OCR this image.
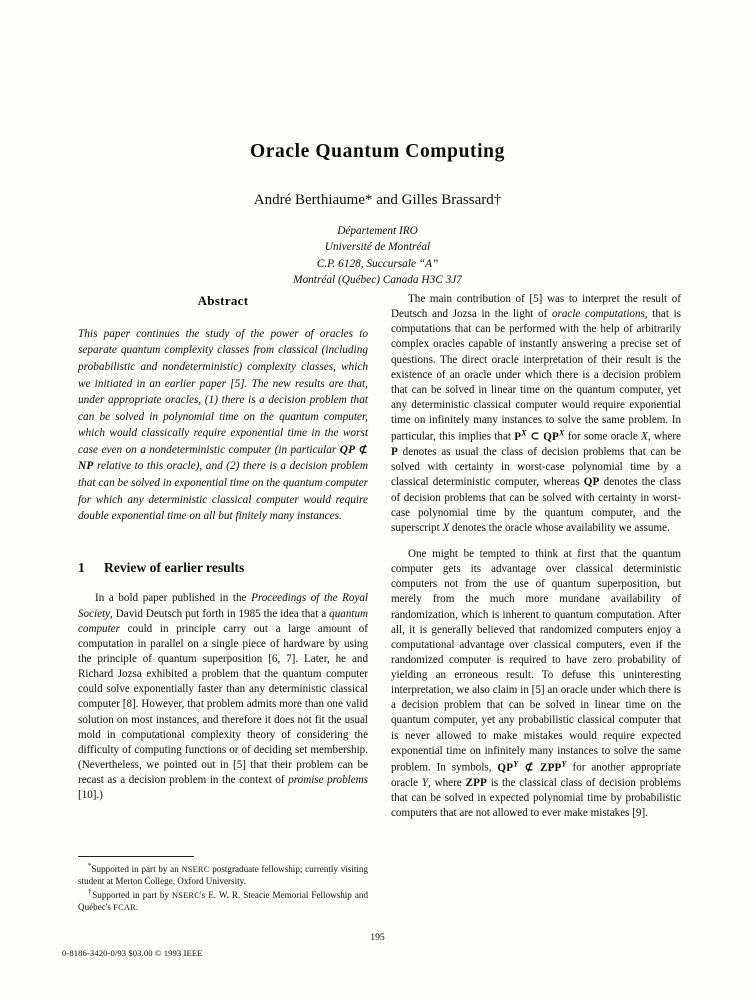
Oracle Quantum Computing
André Berthiaume* and Gilles Brassard†
Département IRO
Université de Montréal
C.P. 6128, Succursale “A”
Montréal (Québec) Canada H3C 3J7
Abstract

This paper continues the study of the power of oracles to separate quantum complexity classes from classical (including probabilistic and nondeterministic) complexity classes, which we initiated in an earlier paper [5]. The new results are that, under appropriate oracles, (1) there is a decision problem that can be solved in polynomial time on the quantum computer, which would classically require exponential time in the worst case even on a nondeterministic computer (in particular QP ⊄ NP relative to this oracle), and (2) there is a decision problem that can be solved in exponential time on the quantum computer for which any deterministic classical computer would require double exponential time on all but finitely many instances.

1 Review of earlier results

In a bold paper published in the Proceedings of the Royal Society, David Deutsch put forth in 1985 the idea that a quantum computer could in principle carry out a large amount of computation in parallel on a single piece of hardware by using the principle of quantum superposition [6, 7]. Later, he and Richard Jozsa exhibited a problem that the quantum computer could solve exponentially faster than any deterministic classical computer [8]. However, that problem admits more than one valid solution on most instances, and therefore it does not fit the usual mold in computational complexity theory of considering the difficulty of computing functions or of deciding set membership. (Nevertheless, we pointed out in [5] that their problem can be recast as a decision problem in the context of promise problems [10].)

The main contribution of [5] was to interpret the result of Deutsch and Jozsa in the light of oracle computations, that is computations that can be performed with the help of arbitrarily complex oracles capable of instantly answering a precise set of questions. The direct oracle interpretation of their result is the existence of an oracle under which there is a decision problem that can be solved in linear time on the quantum computer, yet any deterministic classical computer would require exponential time on infinitely many instances to solve the same problem. In particular, this implies that $P^X$ ⊂ $QP^X$ for some oracle X, where P denotes as usual the class of decision problems that can be solved with certainty in worst-case polynomial time by a classical deterministic computer, whereas QP denotes the class of decision problems that can be solved with certainty in worst-case polynomial time by the quantum computer, and the superscript X denotes the oracle whose availability we assume.

One might be tempted to think at first that the quantum computer gets its advantage over classical deterministic computers not from the use of quantum superposition, but merely from the much more mundane availability of randomization, which is inherent to quantum computation. After all, it is generally believed that randomized computers enjoy a computational advantage over classical computers, even if the randomized computer is required to have zero probability of yielding an erroneous result. To defuse this uninteresting interpretation, we also claim in [5] an oracle under which there is a decision problem that can be solved in linear time on the quantum computer, yet any probabilistic classical computer that is never allowed to make mistakes would require expected exponential time on infinitely many instances to solve the same problem. In symbols, $QP^Y$ ⊄ $ZPP^Y$ for another appropriate oracle Y, where ZPP is the classical class of decision problems that can be solved in expected polynomial time by probabilistic computers that are not allowed to ever make mistakes [9].

*Supported in part by an NSERC postgraduate fellowship; currently visiting student at Merton College, Oxford University.

†Supported in part by NSERC's E. W. R. Steacie Memorial Fellowship and Québec's FCAR.

195
0-8186-3420-0/93 $03.00 © 1993 IEEE
